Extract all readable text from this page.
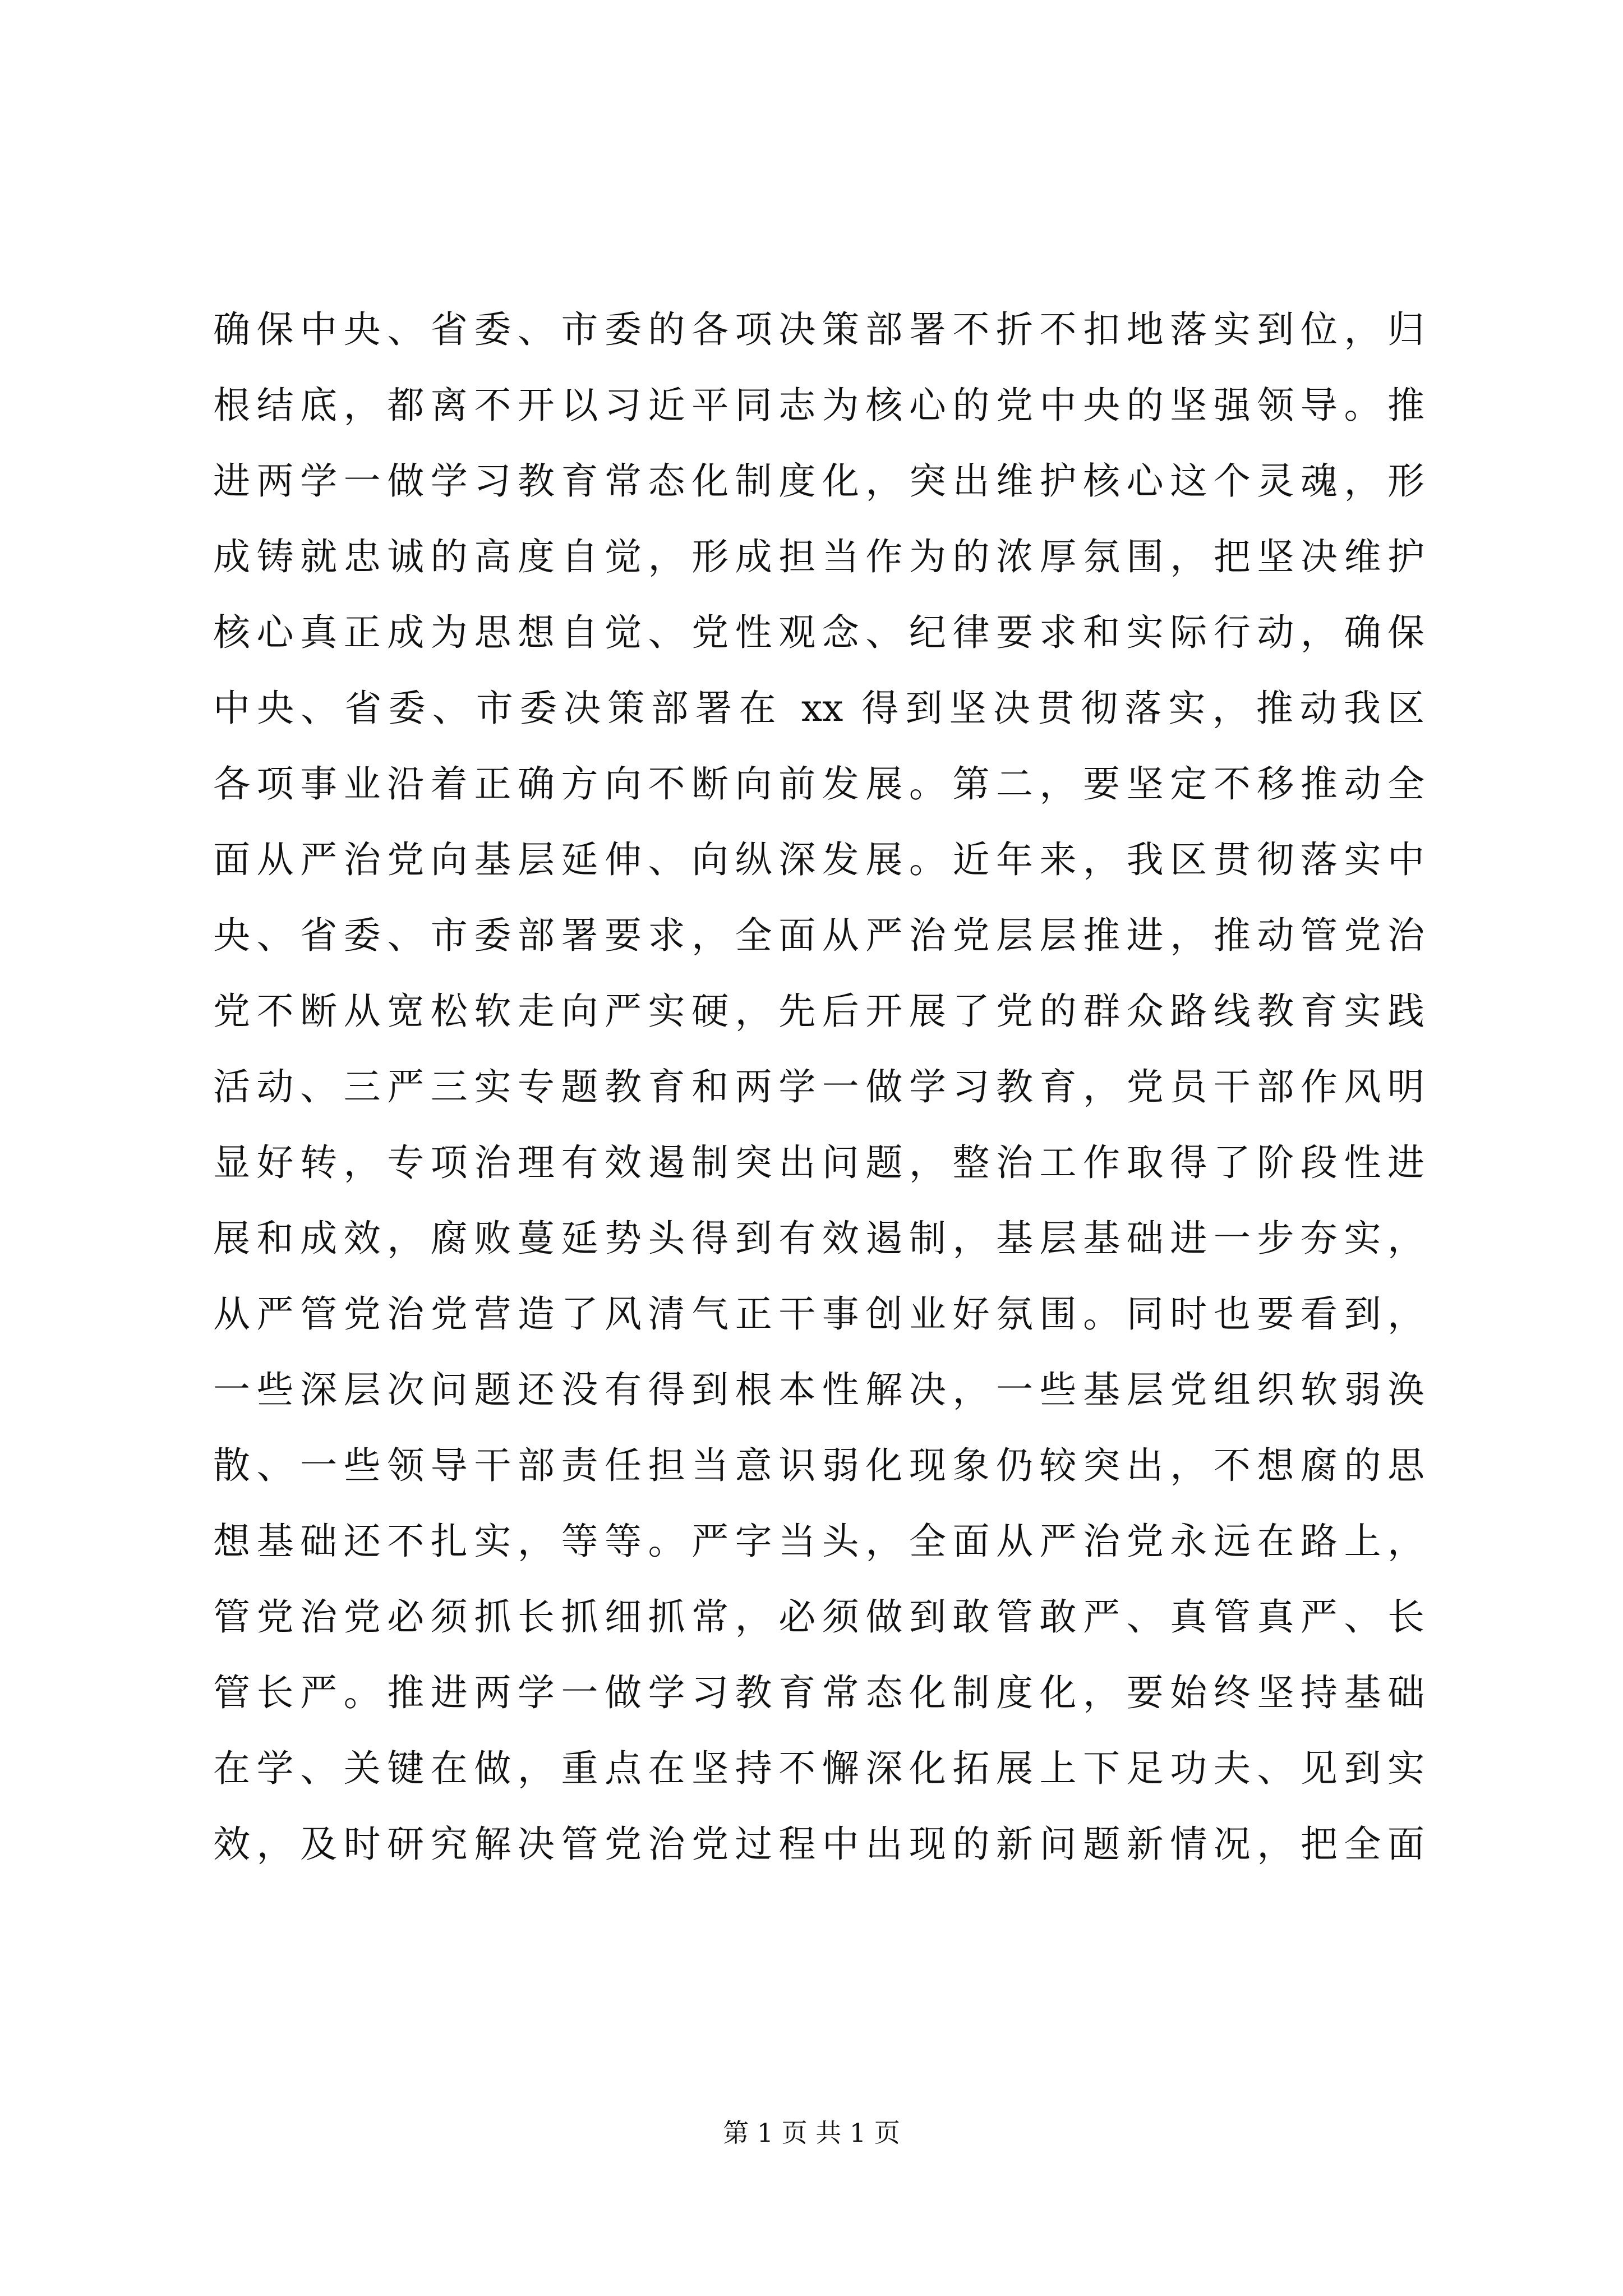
确保中央、省委、市委的各项决策部署不折不扣地落实到位，归
根结底，都离不开以习近平同志为核心的党中央的坚强领导。推
进两学一做学习教育常态化制度化，突出维护核心这个灵魂，形
成铸就忠诚的高度自觉，形成担当作为的浓厚氛围，把坚决维护
核心真正成为思想自觉、党性观念、纪律要求和实际行动，确保
中央、省委、市委决策部署在 xx 得到坚决贯彻落实，推动我区
各项事业沿着正确方向不断向前发展。第二，要坚定不移推动全
面从严治党向基层延伸、向纵深发展。近年来，我区贯彻落实中
央、省委、市委部署要求，全面从严治党层层推进，推动管党治
党不断从宽松软走向严实硬，先后开展了党的群众路线教育实践
活动、三严三实专题教育和两学一做学习教育，党员干部作风明
显好转，专项治理有效遏制突出问题，整治工作取得了阶段性进
展和成效，腐败蔓延势头得到有效遏制，基层基础进一步夯实，
从严管党治党营造了风清气正干事创业好氛围。同时也要看到，
一些深层次问题还没有得到根本性解决，一些基层党组织软弱涣
散、一些领导干部责任担当意识弱化现象仍较突出，不想腐的思
想基础还不扎实，等等。严字当头，全面从严治党永远在路上，
管党治党必须抓长抓细抓常，必须做到敢管敢严、真管真严、长
管长严。推进两学一做学习教育常态化制度化，要始终坚持基础
在学、关键在做，重点在坚持不懈深化拓展上下足功夫、见到实
效，及时研究解决管党治党过程中出现的新问题新情况，把全面
第 1 页 共 1 页
